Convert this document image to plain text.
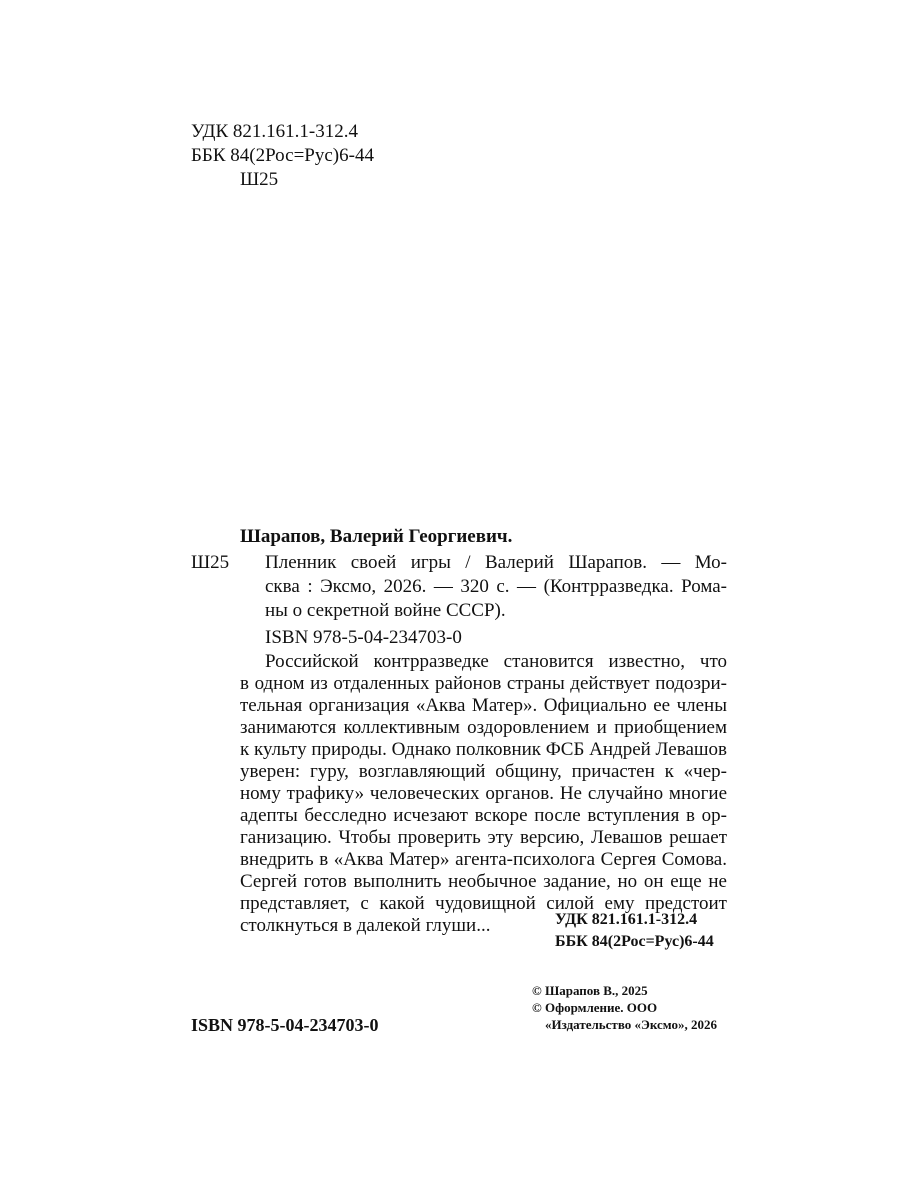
УДК 821.161.1-312.4
ББК 84(2Рос=Рус)6-44
Ш25
Шарапов, Валерий Георгиевич.
Ш25 Пленник своей игры / Валерий Шарапов. — Мо-
сква : Эксмо, 2026. — 320 с. — (Контрразведка. Рома-
ны о секретной войне СССР).
ISBN 978-5-04-234703-0
Российской контрразведке становится известно, что
в одном из отдаленных районов страны действует подозри-
тельная организация «Аква Матер». Официально ее члены
занимаются коллективным оздоровлением и приобщением
к культу природы. Однако полковник ФСБ Андрей Левашов
уверен: гуру, возглавляющий общину, причастен к «чер-
ному трафику» человеческих органов. Не случайно многие
адепты бесследно исчезают вскоре после вступления в ор-
ганизацию. Чтобы проверить эту версию, Левашов решает
внедрить в «Аква Матер» агента-психолога Сергея Сомова.
Сергей готов выполнить необычное задание, но он еще не
представляет, с какой чудовищной силой ему предстоит
столкнуться в далекой глуши...	УДК 821.161.1-312.4
ББК 84(2Рос=Рус)6-44
© Шарапов В., 2025
© Оформление. ООО
«Издательство «Эксмо», 2026
ISBN 978-5-04-234703-0
